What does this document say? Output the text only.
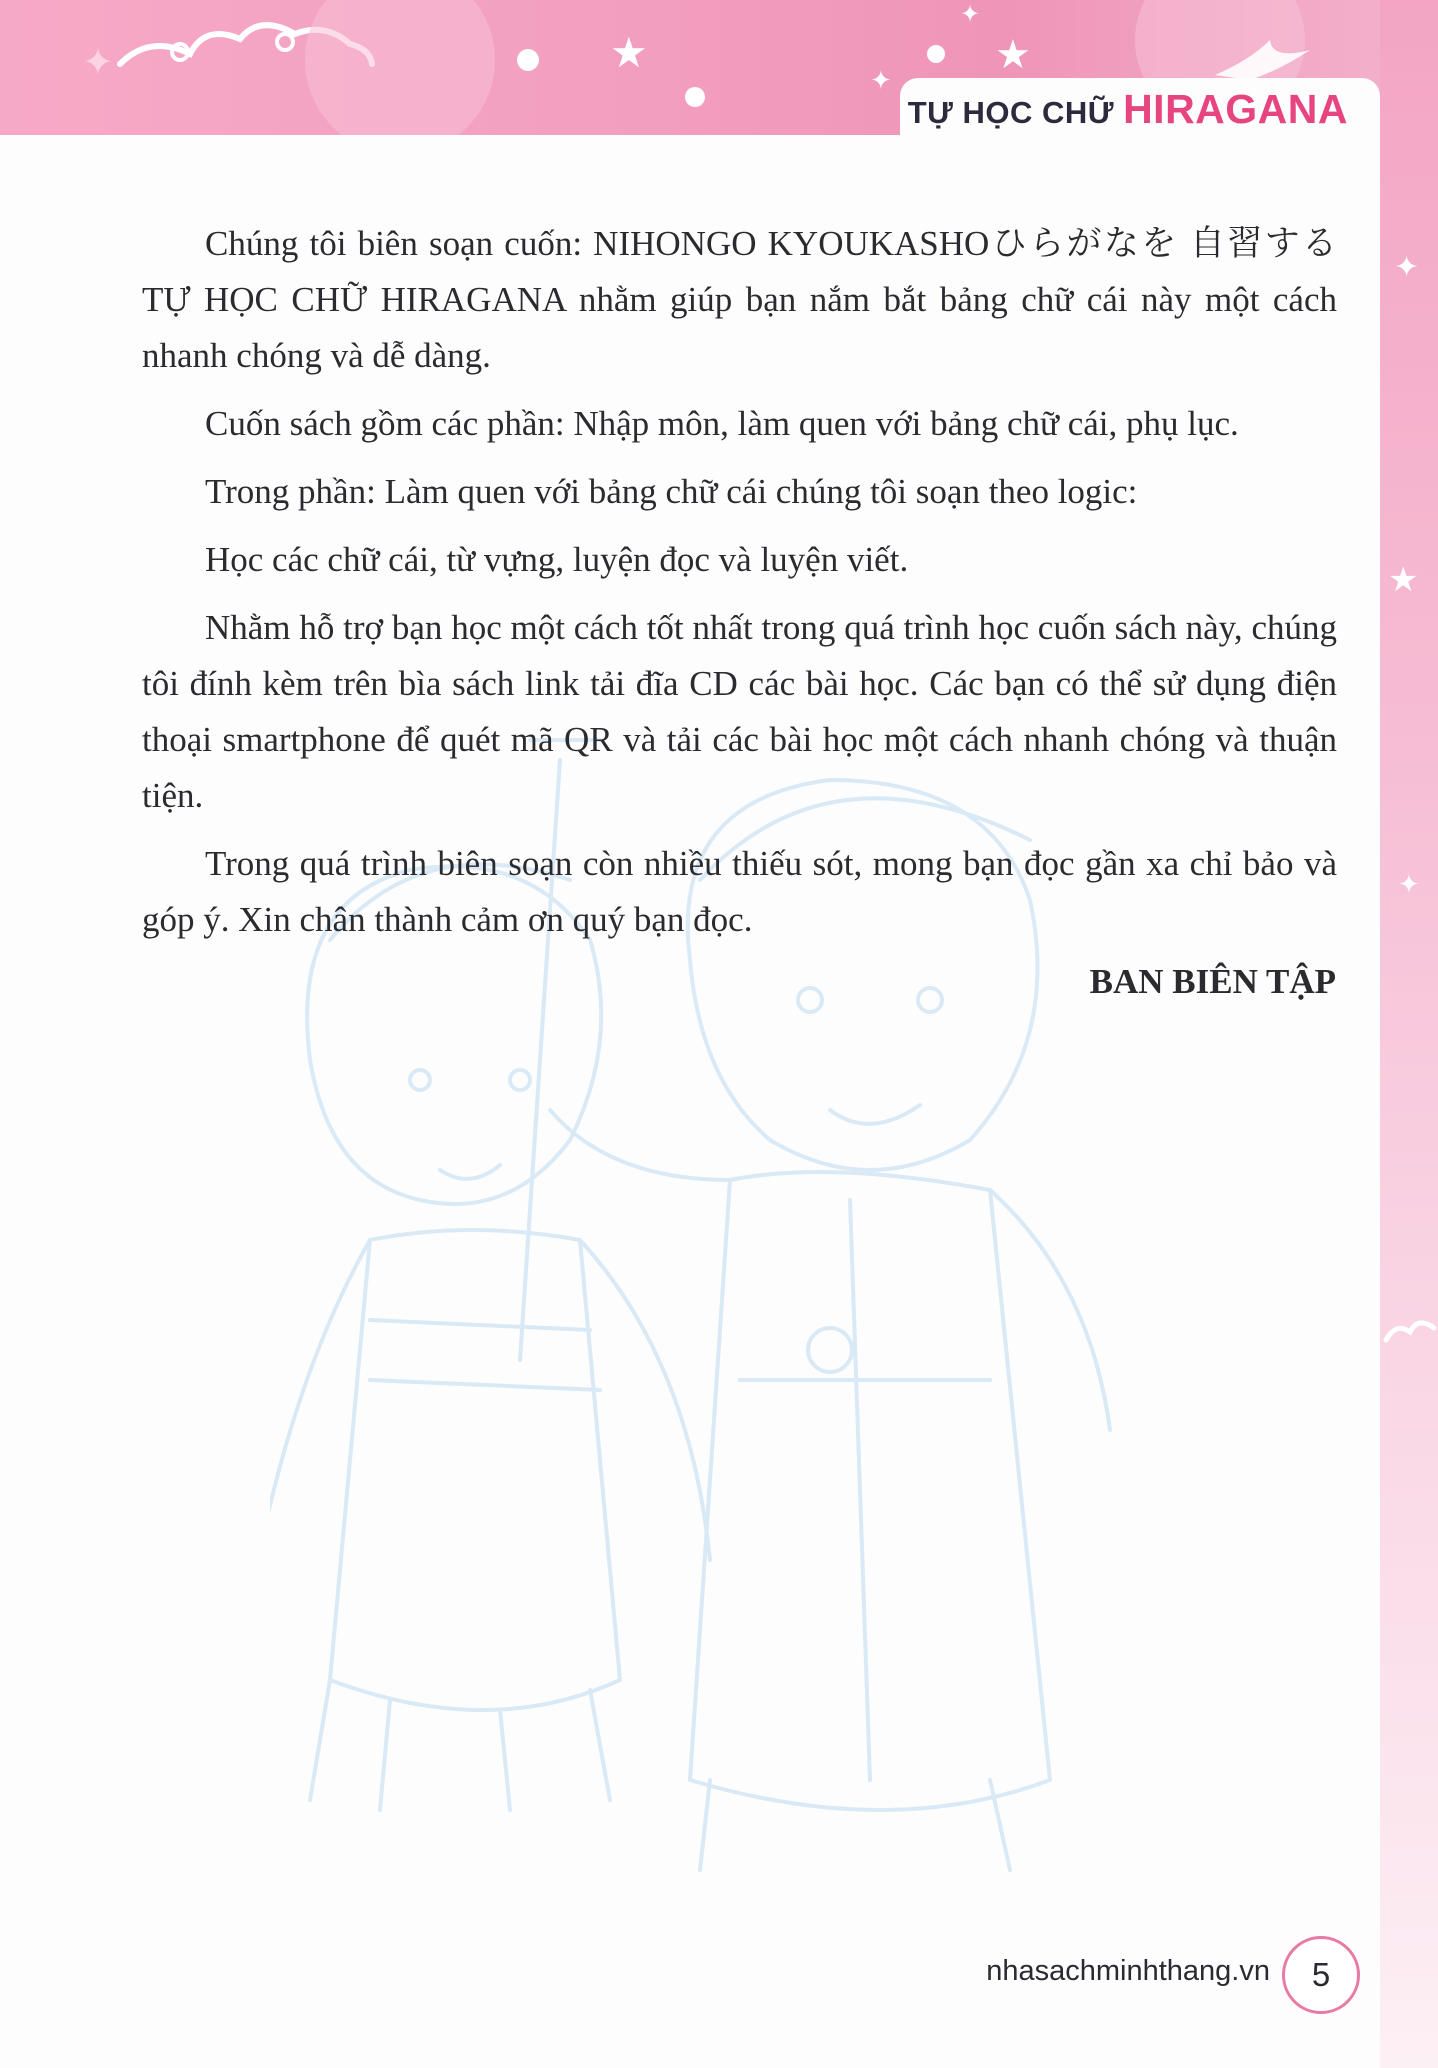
✦	★	★
✦
✦
✦
★
✦
TỰ HỌC CHỮ HIRAGANA

Chúng tôi biên soạn cuốn: NIHONGO KYOUKASHOひらがなを 自習するTỰ HỌC CHỮ HIRAGANA nhằm giúp bạn nắm bắt bảng chữ cái này một cách nhanh chóng và dễ dàng.

Cuốn sách gồm các phần: Nhập môn, làm quen với bảng chữ cái, phụ lục.

Trong phần: Làm quen với bảng chữ cái chúng tôi soạn theo logic:

Học các chữ cái, từ vựng, luyện đọc và luyện viết.

Nhằm hỗ trợ bạn học một cách tốt nhất trong quá trình học cuốn sách này, chúng tôi đính kèm trên bìa sách link tải đĩa CD các bài học. Các bạn có thể sử dụng điện thoại smartphone để quét mã QR và tải các bài học một cách nhanh chóng và thuận tiện.

Trong quá trình biên soạn còn nhiều thiếu sót, mong bạn đọc gần xa chỉ bảo và góp ý. Xin chân thành cảm ơn quý bạn đọc.

BAN BIÊN TẬP
nhasachminhthang.vn 5
